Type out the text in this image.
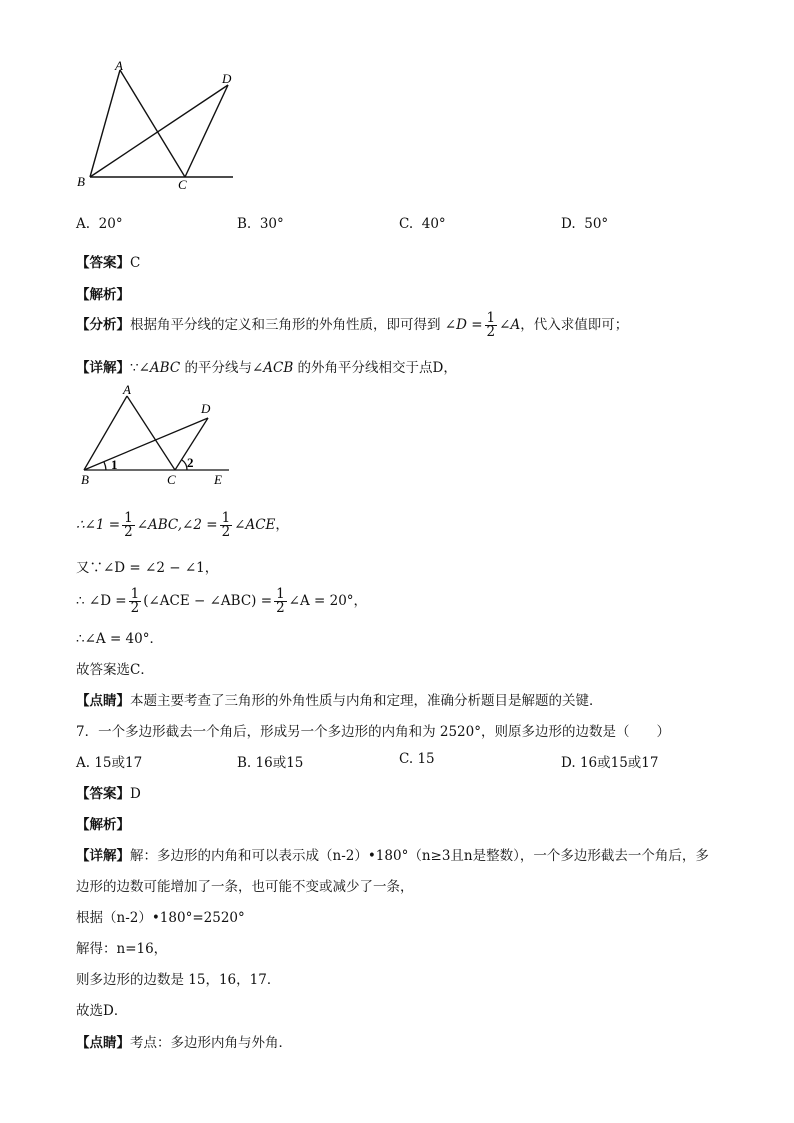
A
D
B	C
A. 20°	B. 30°	C. 40°	D. 50°
【答案】C
【解析】
【分析】根据角平分线的定义和三角形的外角性质，即可得到 ∠D = $\frac{1}{2}$ ∠A，代入求值即可；
【详解】∵∠ABC 的平分线与∠ACB 的外角平分线相交于点D，
A
D
B	C	E
1	2
∴∠1 = $\frac{1}{2}$ ∠ABC,∠2 = $\frac{1}{2}$ ∠ACE，
又∵∠D = ∠2 − ∠1，
∴ ∠D = $\frac{1}{2}$ (∠ACE − ∠ABC) = $\frac{1}{2}$ ∠A = 20°，
∴∠A = 40°．
故答案选C．
【点睛】本题主要考查了三角形的外角性质与内角和定理，准确分析题目是解题的关键．
7．一个多边形截去一个角后，形成另一个多边形的内角和为 2520°，则原多边形的边数是（　　）
A. 15或17	B. 16或15	C. 15	D. 16或15或17
【答案】D
【解析】
【详解】解：多边形的内角和可以表示成（n-2）•180°（n≥3且n是整数），一个多边形截去一个角后，多
边形的边数可能增加了一条，也可能不变或减少了一条，
根据（n-2）•180°=2520°
解得：n=16，
则多边形的边数是 15，16，17．
故选D．
【点睛】考点：多边形内角与外角．
